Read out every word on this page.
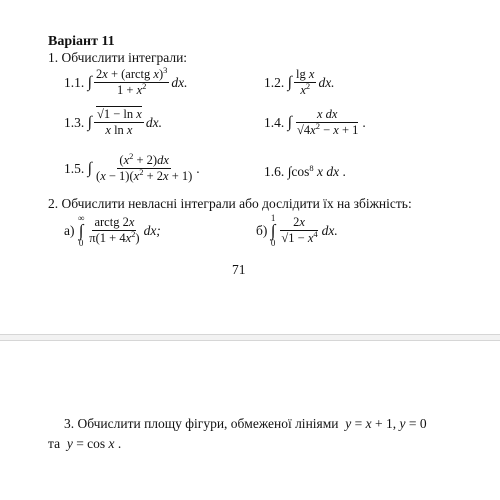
Варіант 11
1. Обчислити інтеграли:
1.1.
∫ $\frac{2x + (arctg x)^3}{1 + x^2}$ dx.	1.2.
∫ $\frac{\text{lg x}}{x^2}$ dx.
1.3.
∫ $\frac{\text{√1 − ln x}}{\text{x ln x}}$ dx.	1.4.
∫ $\frac{\text{x dx}}{√4x^2 - x + 1}$ .
1.5.
∫ $\frac{(x^2 + 2)dx}{(x - 1)(x^2 + 2x + 1)}$ .	1.6.
$\int\cos^8$ x dx .
2. Обчислити невласні інтеграли або дослідити їх на збіжність:
а)

∞
∫
$0 \frac{\text{arctg 2x}}{\pi(1 + 4x^2)}$ dx;	б)

1
∫
$0 \frac{2x}{√1 - x^4}$ dx.
71
3. Обчислити площу фігури, обмеженої лініями  y = x + 1, y = 0
та  y = cos x .
